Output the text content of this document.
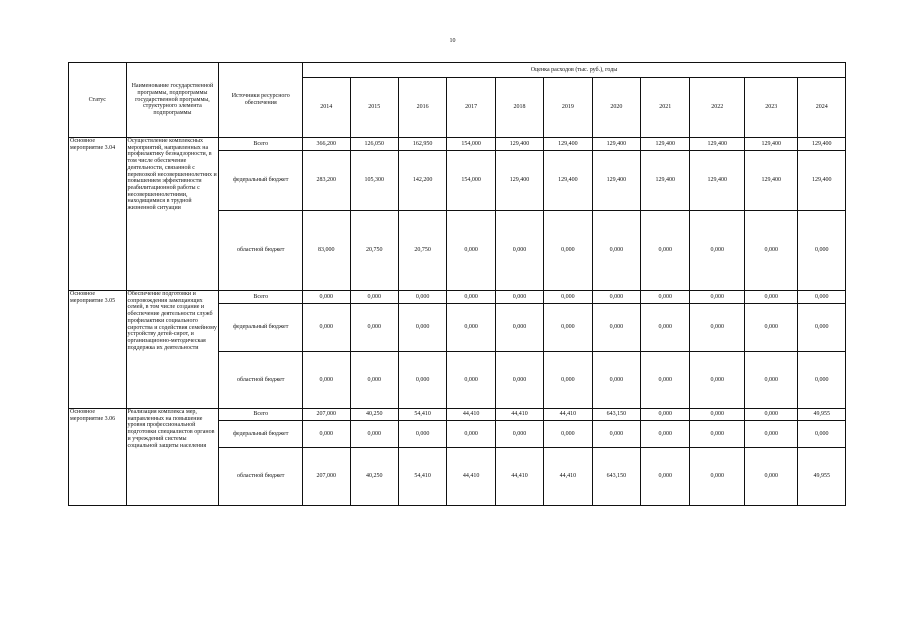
10
Статус	Наименование государственной программы, подпрограммы государственной программы, структурного элемента подпрограммы	Источники ресурсного обеспечения	Оценка расходов (тыс. руб.), годы										
			2014	2015	2016	2017	2018	2019	2020	2021	2022	2023	2024
Основное мероприятие 3.04	Осуществление комплексных мероприятий, направленных на профилактику безнадзорности, в том числе обеспечение деятельности, связанной с перевозкой несовершеннолетних и повышением эффективности реабилитационной работы с несовершеннолетними, находящимися в трудной жизненной ситуации	Всего	366,200	126,050	162,950	154,000	129,400	129,400	129,400	129,400	129,400	129,400	129,400
		федеральный бюджет	283,200	105,300	142,200	154,000	129,400	129,400	129,400	129,400	129,400	129,400	129,400
		областной бюджет	83,000	20,750	20,750	0,000	0,000	0,000	0,000	0,000	0,000	0,000	0,000
Основное мероприятие 3.05	Обеспечение подготовки и сопровождения замещающих семей, в том числе создание и обеспечение деятельности служб профилактики социального сиротства и содействия семейному устройству детей-сирот, и организационно-методическая поддержка их деятельности	Всего	0,000	0,000	0,000	0,000	0,000	0,000	0,000	0,000	0,000	0,000	0,000
		федеральный бюджет	0,000	0,000	0,000	0,000	0,000	0,000	0,000	0,000	0,000	0,000	0,000
		областной бюджет	0,000	0,000	0,000	0,000	0,000	0,000	0,000	0,000	0,000	0,000	0,000
Основное мероприятие 3.06	Реализация комплекса мер, направленных на повышение уровня профессиональной подготовки специалистов органов и учреждений системы социальной защиты населения	Всего	207,000	40,250	54,410	44,410	44,410	44,410	643,150	0,000	0,000	0,000	49,955
		федеральный бюджет	0,000	0,000	0,000	0,000	0,000	0,000	0,000	0,000	0,000	0,000	0,000
		областной бюджет	207,000	40,250	54,410	44,410	44,410	44,410	643,150	0,000	0,000	0,000	49,955
